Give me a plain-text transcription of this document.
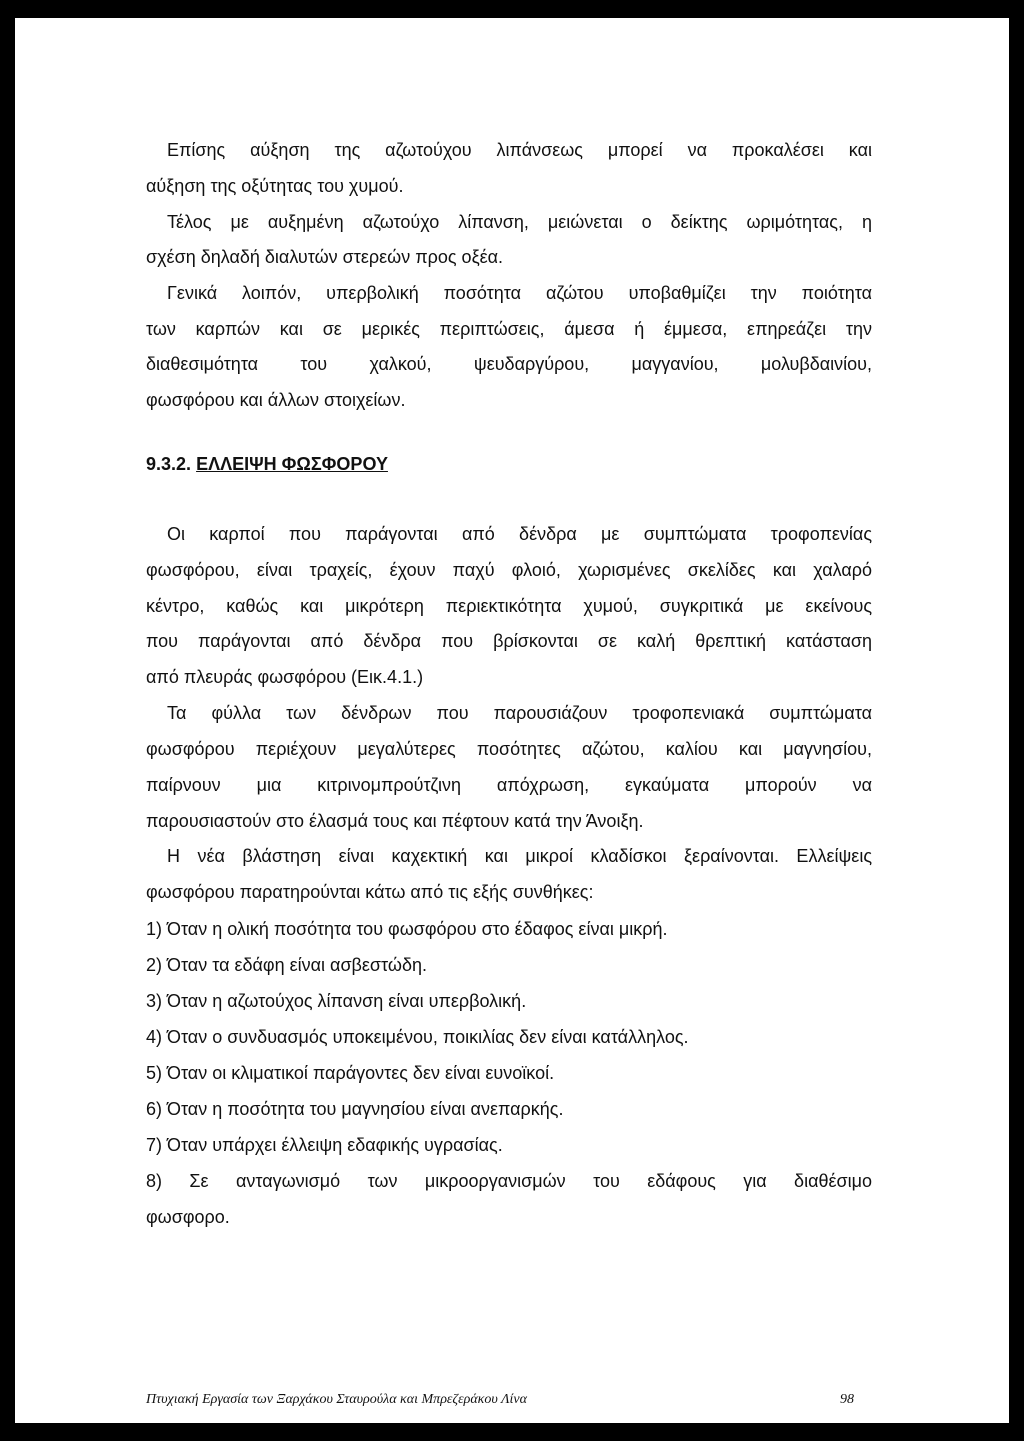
Επίσης αύξηση της αζωτούχου λιπάνσεως μπορεί να προκαλέσει και
αύξηση της οξύτητας του χυμού.
Τέλος με αυξημένη αζωτούχο λίπανση, μειώνεται ο δείκτης ωριμότητας, η
σχέση δηλαδή διαλυτών στερεών προς οξέα.
Γενικά λοιπόν, υπερβολική ποσότητα αζώτου υποβαθμίζει την ποιότητα
των καρπών και σε μερικές περιπτώσεις, άμεσα ή έμμεσα, επηρεάζει την
διαθεσιμότητα του χαλκού, ψευδαργύρου, μαγγανίου, μολυβδαινίου,
φωσφόρου και άλλων στοιχείων.
9.3.2. ΕΛΛΕΙΨΗ ΦΩΣΦΟΡΟΥ
Οι καρποί που παράγονται από δένδρα με συμπτώματα τροφοπενίας
φωσφόρου, είναι τραχείς, έχουν παχύ φλοιό, χωρισμένες σκελίδες και χαλαρό
κέντρο, καθώς και μικρότερη περιεκτικότητα χυμού, συγκριτικά με εκείνους
που παράγονται από δένδρα που βρίσκονται σε καλή θρεπτική κατάσταση
από πλευράς φωσφόρου (Εικ.4.1.)
Τα φύλλα των δένδρων που παρουσιάζουν τροφοπενιακά συμπτώματα
φωσφόρου περιέχουν μεγαλύτερες ποσότητες αζώτου, καλίου και μαγνησίου,
παίρνουν μια κιτρινομπρούτζινη απόχρωση, εγκαύματα μπορούν να
παρουσιαστούν στο έλασμά τους και πέφτουν κατά την Άνοιξη.
Η νέα βλάστηση είναι καχεκτική και μικροί κλαδίσκοι ξεραίνονται. Ελλείψεις
φωσφόρου παρατηρούνται κάτω από τις εξής συνθήκες:
1) Όταν η ολική ποσότητα του φωσφόρου στο έδαφος είναι μικρή.
2) Όταν τα εδάφη είναι ασβεστώδη.
3) Όταν η αζωτούχος λίπανση είναι υπερβολική.
4) Όταν ο συνδυασμός υποκειμένου, ποικιλίας δεν είναι κατάλληλος.
5) Όταν οι κλιματικοί παράγοντες δεν είναι ευνοϊκοί.
6) Όταν η ποσότητα του μαγνησίου είναι ανεπαρκής.
7) Όταν υπάρχει έλλειψη εδαφικής υγρασίας.
8) Σε ανταγωνισμό των μικροοργανισμών του εδάφους για διαθέσιμο
φωσφορο.
Πτυχιακή Εργασία των Ξαρχάκου Σταυρούλα και Μπρεζεράκου Λίνα	98
